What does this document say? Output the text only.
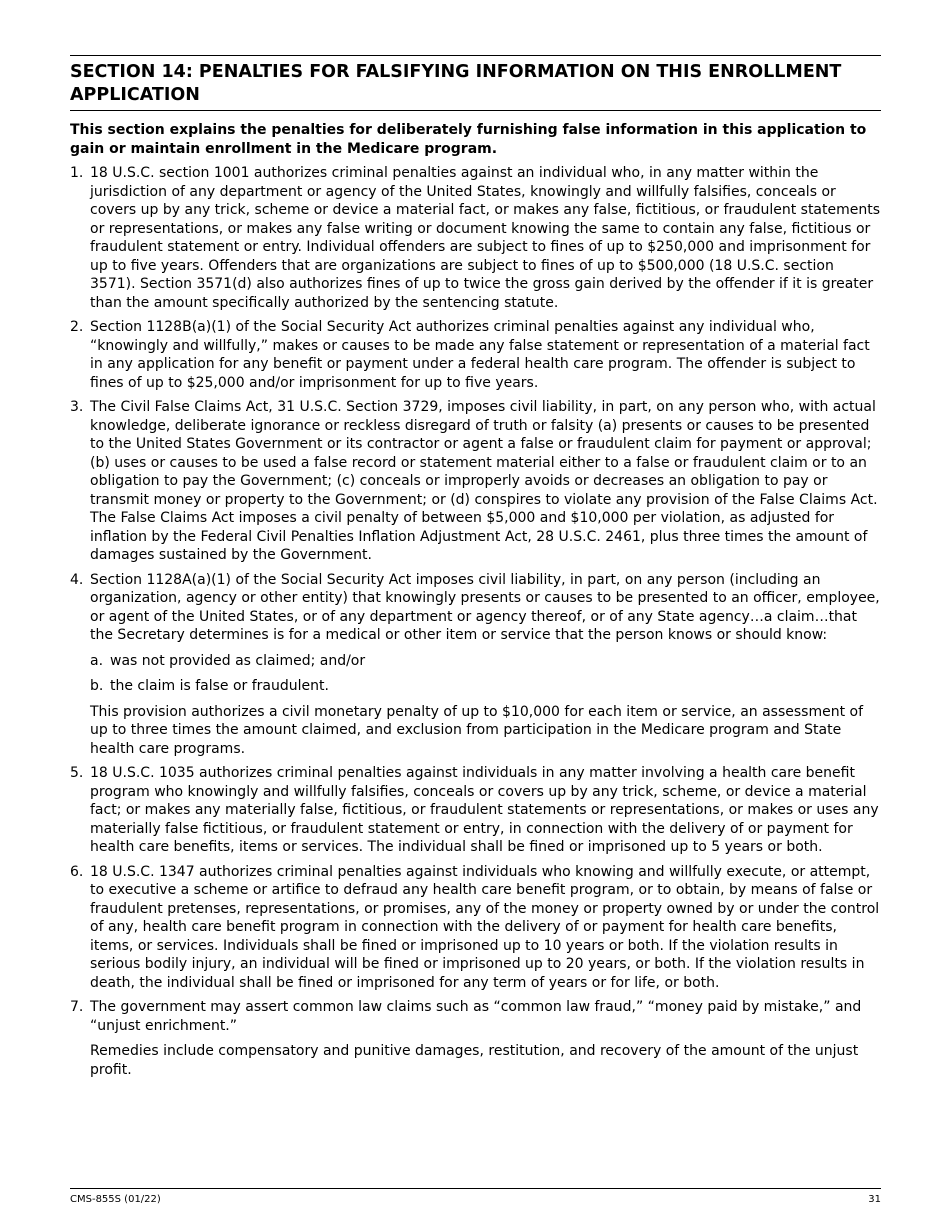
SECTION 14: PENALTIES FOR FALSIFYING INFORMATION ON THIS ENROLLMENT APPLICATION

This section explains the penalties for deliberately furnishing false information in this application to gain or maintain enrollment in the Medicare program.

1. 18 U.S.C. section 1001 authorizes criminal penalties against an individual who, in any matter within the jurisdiction of any department or agency of the United States, knowingly and willfully falsifies, conceals or covers up by any trick, scheme or device a material fact, or makes any false, fictitious, or fraudulent statements or representations, or makes any false writing or document knowing the same to contain any false, fictitious or fraudulent statement or entry. Individual offenders are subject to fines of up to $250,000 and imprisonment for up to five years. Offenders that are organizations are subject to fines of up to $500,000 (18 U.S.C. section 3571). Section 3571(d) also authorizes fines of up to twice the gross gain derived by the offender if it is greater than the amount specifically authorized by the sentencing statute.

2. Section 1128B(a)(1) of the Social Security Act authorizes criminal penalties against any individual who, “knowingly and willfully,” makes or causes to be made any false statement or representation of a material fact in any application for any benefit or payment under a federal health care program. The offender is subject to fines of up to $25,000 and/or imprisonment for up to five years.

3. The Civil False Claims Act, 31 U.S.C. Section 3729, imposes civil liability, in part, on any person who, with actual knowledge, deliberate ignorance or reckless disregard of truth or falsity (a) presents or causes to be presented to the United States Government or its contractor or agent a false or fraudulent claim for payment or approval; (b) uses or causes to be used a false record or statement material either to a false or fraudulent claim or to an obligation to pay the Government; (c) conceals or improperly avoids or decreases an obligation to pay or transmit money or property to the Government; or (d) conspires to violate any provision of the False Claims Act. The False Claims Act imposes a civil penalty of between $5,000 and $10,000 per violation, as adjusted for inflation by the Federal Civil Penalties Inflation Adjustment Act, 28 U.S.C. 2461, plus three times the amount of damages sustained by the Government.

4. Section 1128A(a)(1) of the Social Security Act imposes civil liability, in part, on any person (including an organization, agency or other entity) that knowingly presents or causes to be presented to an officer, employee, or agent of the United States, or of any department or agency thereof, or of any State agency…a claim…that the Secretary determines is for a medical or other item or service that the person knows or should know:

a. was not provided as claimed; and/or
b. the claim is false or fraudulent.

This provision authorizes a civil monetary penalty of up to $10,000 for each item or service, an assessment of up to three times the amount claimed, and exclusion from participation in the Medicare program and State health care programs.

5. 18 U.S.C. 1035 authorizes criminal penalties against individuals in any matter involving a health care benefit program who knowingly and willfully falsifies, conceals or covers up by any trick, scheme, or device a material fact; or makes any materially false, fictitious, or fraudulent statements or representations, or makes or uses any materially false fictitious, or fraudulent statement or entry, in connection with the delivery of or payment for health care benefits, items or services. The individual shall be fined or imprisoned up to 5 years or both.

6. 18 U.S.C. 1347 authorizes criminal penalties against individuals who knowing and willfully execute, or attempt, to executive a scheme or artifice to defraud any health care benefit program, or to obtain, by means of false or fraudulent pretenses, representations, or promises, any of the money or property owned by or under the control of any, health care benefit program in connection with the delivery of or payment for health care benefits, items, or services. Individuals shall be fined or imprisoned up to 10 years or both. If the violation results in serious bodily injury, an individual will be fined or imprisoned up to 20 years, or both. If the violation results in death, the individual shall be fined or imprisoned for any term of years or for life, or both.

7. The government may assert common law claims such as “common law fraud,” “money paid by mistake,” and “unjust enrichment.”

Remedies include compensatory and punitive damages, restitution, and recovery of the amount of the unjust profit.

CMS-855S (01/22)	31
